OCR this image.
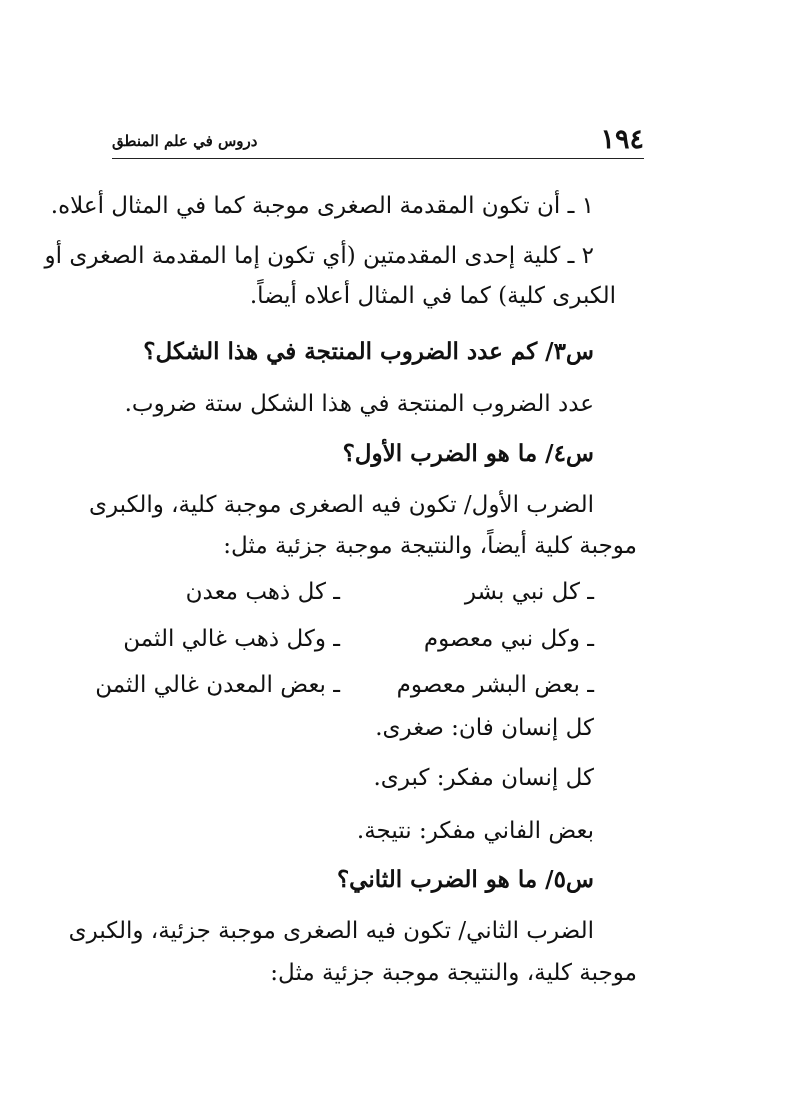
١٩٤
دروس في علم المنطق
١ ـ أن تكون المقدمة الصغرى موجبة كما في المثال أعلاه.
٢ ـ كلية إحدى المقدمتين (أي تكون إما المقدمة الصغرى أو
الكبرى كلية) كما في المثال أعلاه أيضاً.
س٣/ كم عدد الضروب المنتجة في هذا الشكل؟
عدد الضروب المنتجة في هذا الشكل ستة ضروب.
س٤/ ما هو الضرب الأول؟
الضرب الأول/ تكون فيه الصغرى موجبة كلية، والكبرى
موجبة كلية أيضاً، والنتيجة موجبة جزئية مثل:
ـ كل نبي بشر
ـ وكل نبي معصوم
ـ بعض البشر معصوم
ـ كل ذهب معدن
ـ وكل ذهب غالي الثمن
ـ بعض المعدن غالي الثمن
كل إنسان فان: صغرى.
كل إنسان مفكر: كبرى.
بعض الفاني مفكر: نتيجة.
س٥/ ما هو الضرب الثاني؟
الضرب الثاني/ تكون فيه الصغرى موجبة جزئية، والكبرى
موجبة كلية، والنتيجة موجبة جزئية مثل:
